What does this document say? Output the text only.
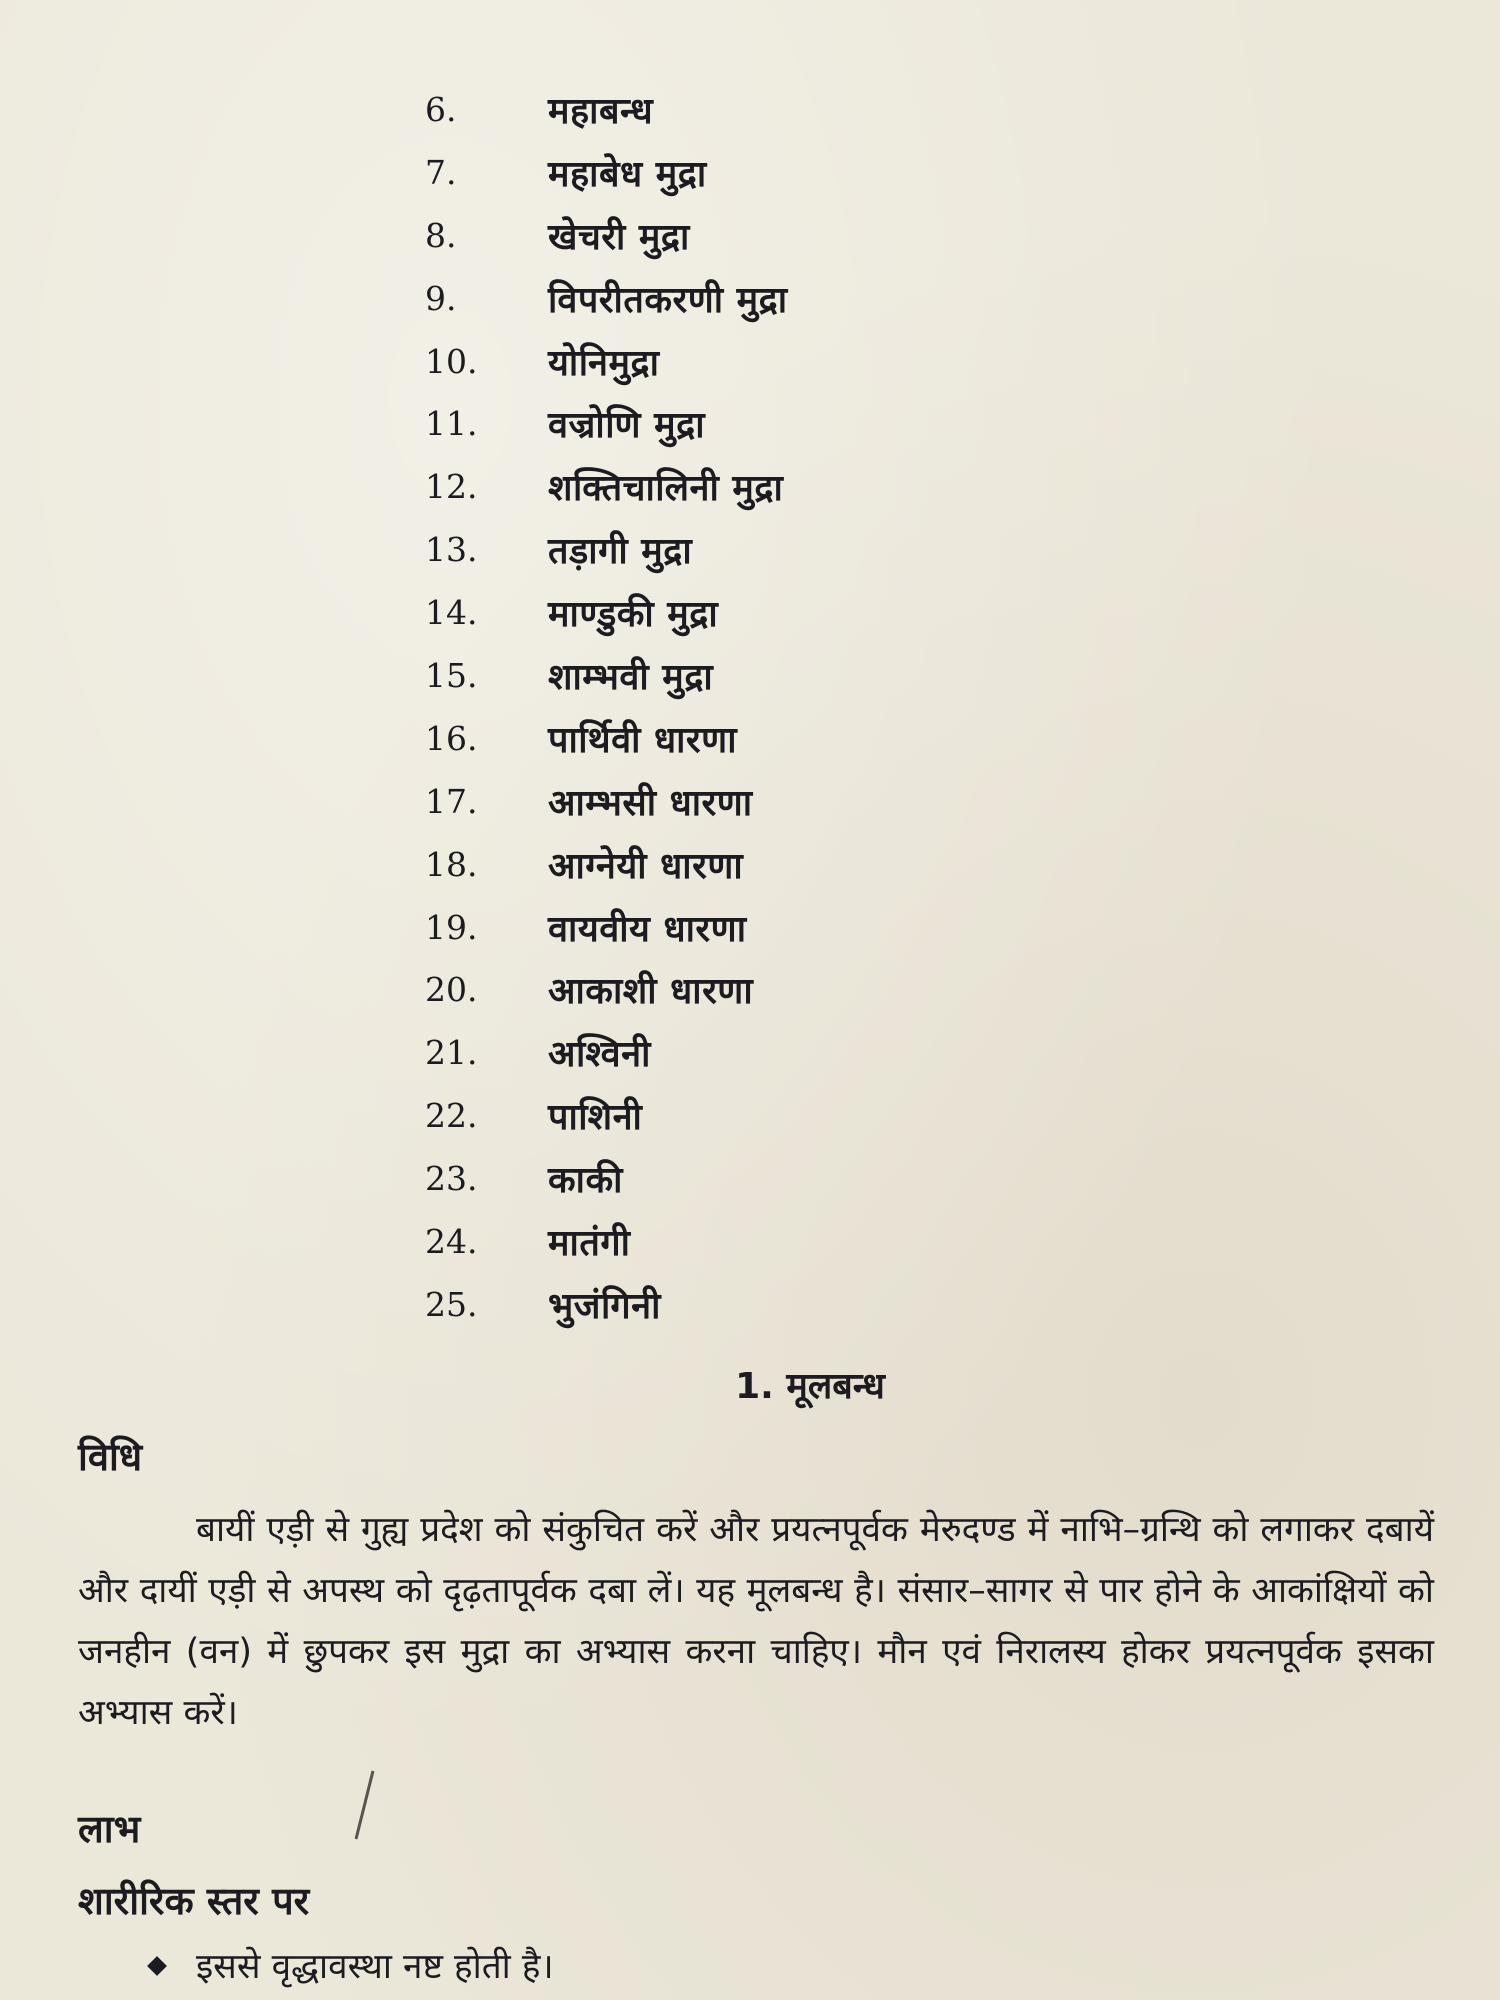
6.	महाबन्ध
7.	महाबेध मुद्रा
8.	खेचरी मुद्रा
9.	विपरीतकरणी मुद्रा
10.	योनिमुद्रा
11.	वज्रोणि मुद्रा
12.	शक्तिचालिनी मुद्रा
13.	तड़ागी मुद्रा
14.	माण्डुकी मुद्रा
15.	शाम्भवी मुद्रा
16.	पार्थिवी धारणा
17.	आम्भसी धारणा
18.	आग्नेयी धारणा
19.	वायवीय धारणा
20.	आकाशी धारणा
21.	अश्विनी
22.	पाशिनी
23.	काकी
24.	मातंगी
25.	भुजंगिनी
1. मूलबन्ध
विधि
बायीं एड़ी से गुह्य प्रदेश को संकुचित करें और प्रयत्नपूर्वक मेरुदण्ड में नाभि–ग्रन्थि को लगाकर दबायें और दायीं एड़ी से अपस्थ को दृढ़तापूर्वक दबा लें। यह मूलबन्ध है। संसार–सागर से पार होने के आकांक्षियों को जनहीन (वन) में छुपकर इस मुद्रा का अभ्यास करना चाहिए। मौन एवं निरालस्य होकर प्रयत्नपूर्वक इसका अभ्यास करें।
लाभ
शारीरिक स्तर पर
इससे वृद्धावस्था नष्ट होती है।
